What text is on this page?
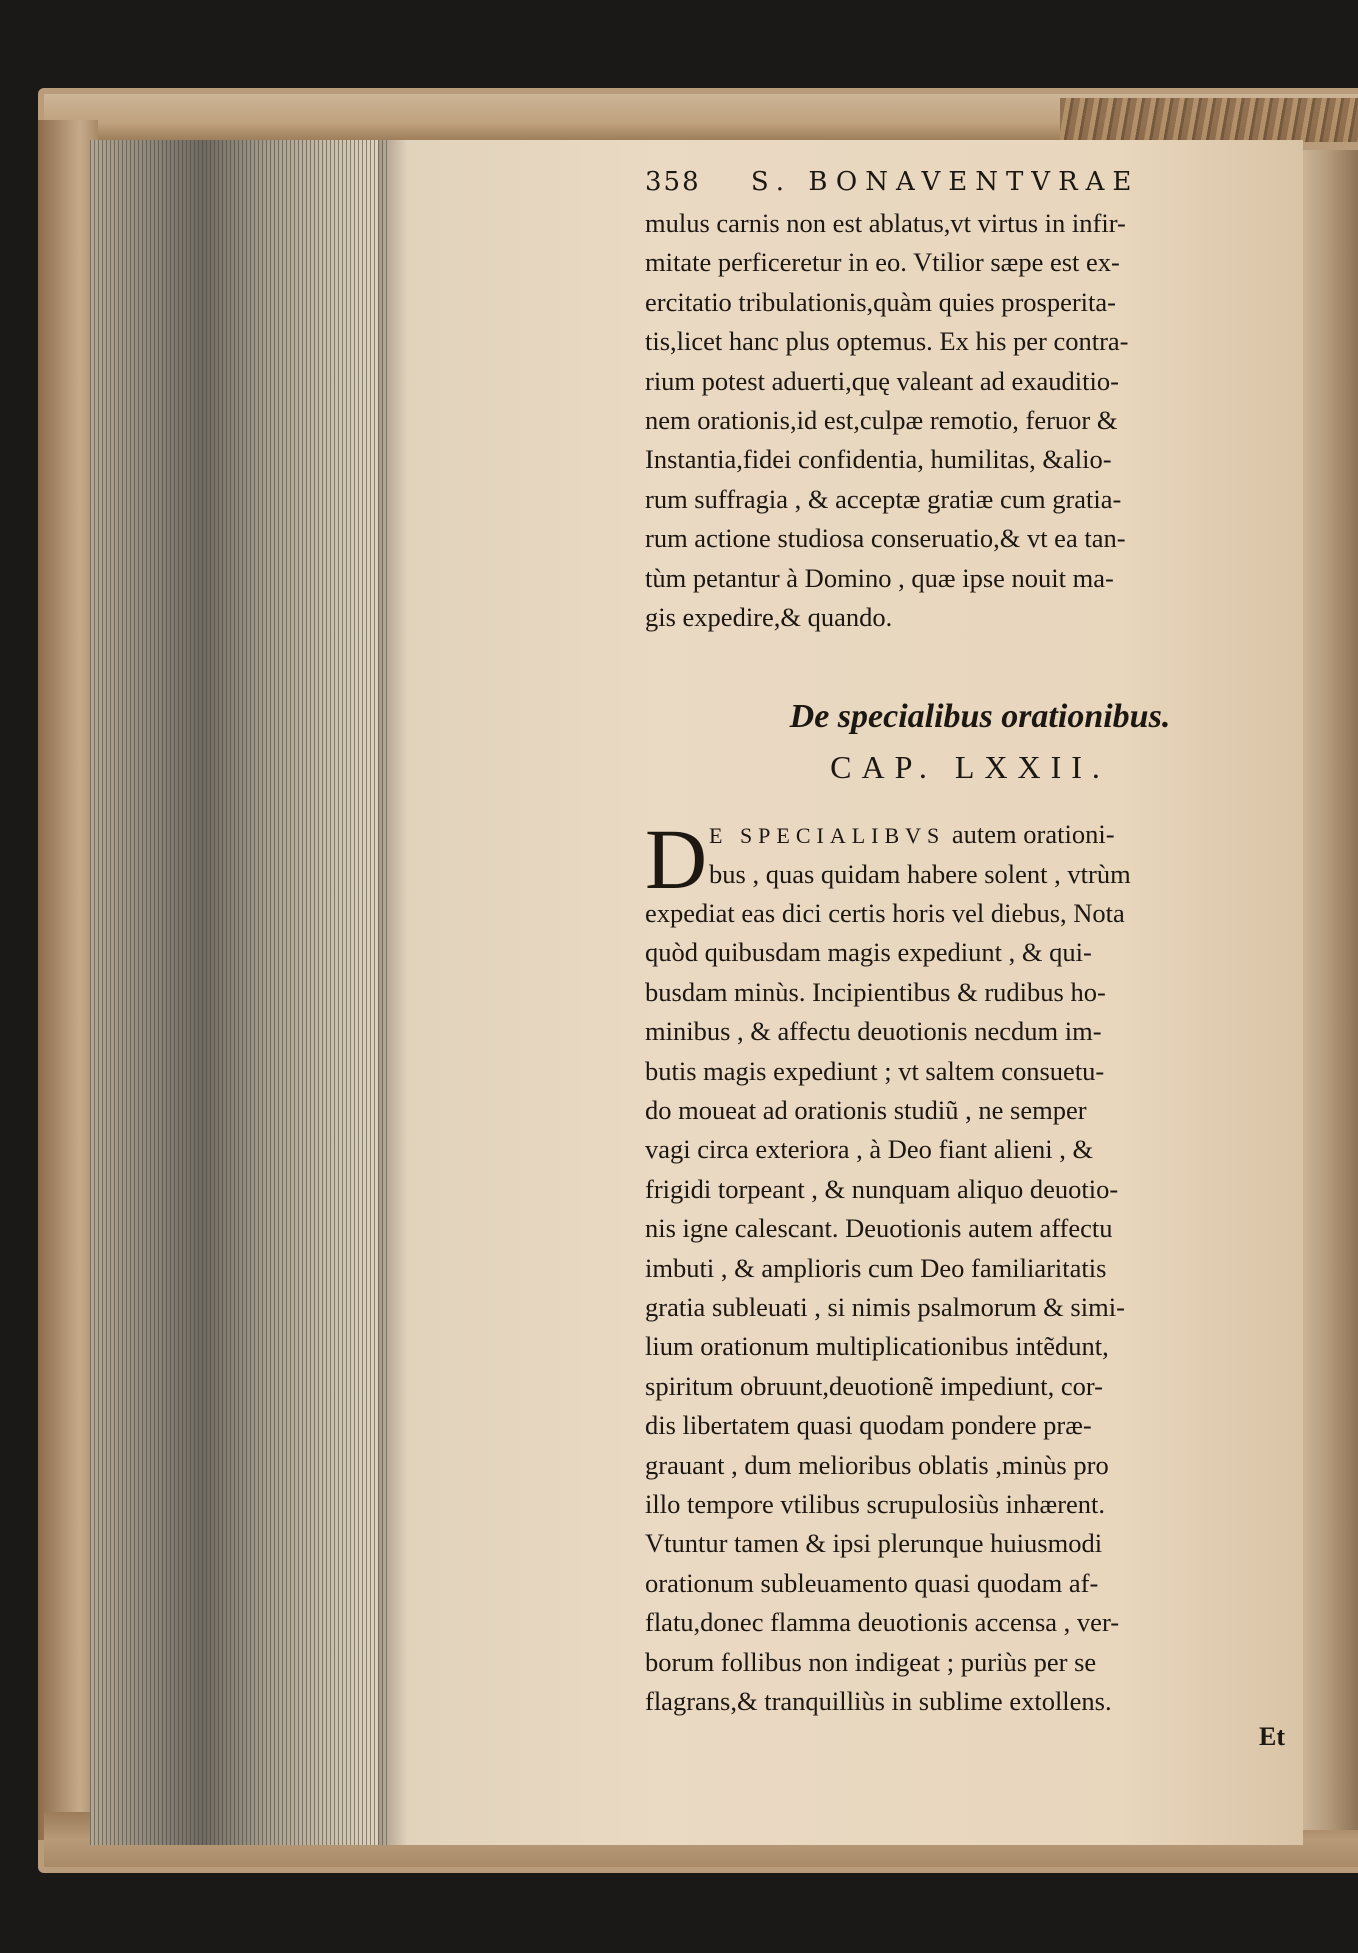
358 S. BONAVENTVRAE
mulus carnis non est ablatus,vt virtus in infir-
mitate perficeretur in eo. Vtilior sæpe est ex-
ercitatio tribulationis,quàm quies prosperita-
tis,licet hanc plus optemus. Ex his per contra-
rium potest aduerti,quę valeant ad exauditio-
nem orationis,id est,culpæ remotio, feruor &
Instantia,fidei confidentia, humilitas, &alio-
rum suffragia , & acceptæ gratiæ cum gratia-
rum actione studiosa conseruatio,& vt ea tan-
tùm petantur à Domino , quæ ipse nouit ma-
gis expedire,& quando.
De specialibus orationibus.
CAP. LXXII.
D E SPECIALIBVS autem orationi-
bus , quas quidam habere solent , vtrùm
expediat eas dici certis horis vel diebus, Nota
quòd quibusdam magis expediunt , & qui-
busdam minùs. Incipientibus & rudibus ho-
minibus , & affectu deuotionis necdum im-
butis magis expediunt ; vt saltem consuetu-
do moueat ad orationis studiũ , ne semper
vagi circa exteriora , à Deo fiant alieni , &
frigidi torpeant , & nunquam aliquo deuotio-
nis igne calescant. Deuotionis autem affectu
imbuti , & amplioris cum Deo familiaritatis
gratia subleuati , si nimis psalmorum & simi-
lium orationum multiplicationibus intẽdunt,
spiritum obruunt,deuotionẽ impediunt, cor-
dis libertatem quasi quodam pondere præ-
grauant , dum melioribus oblatis ,minùs pro
illo tempore vtilibus scrupulosiùs inhærent.
Vtuntur tamen & ipsi plerunque huiusmodi
orationum subleuamento quasi quodam af-
flatu,donec flamma deuotionis accensa , ver-
borum follibus non indigeat ; puriùs per se
flagrans,& tranquilliùs in sublime extollens.
Et
